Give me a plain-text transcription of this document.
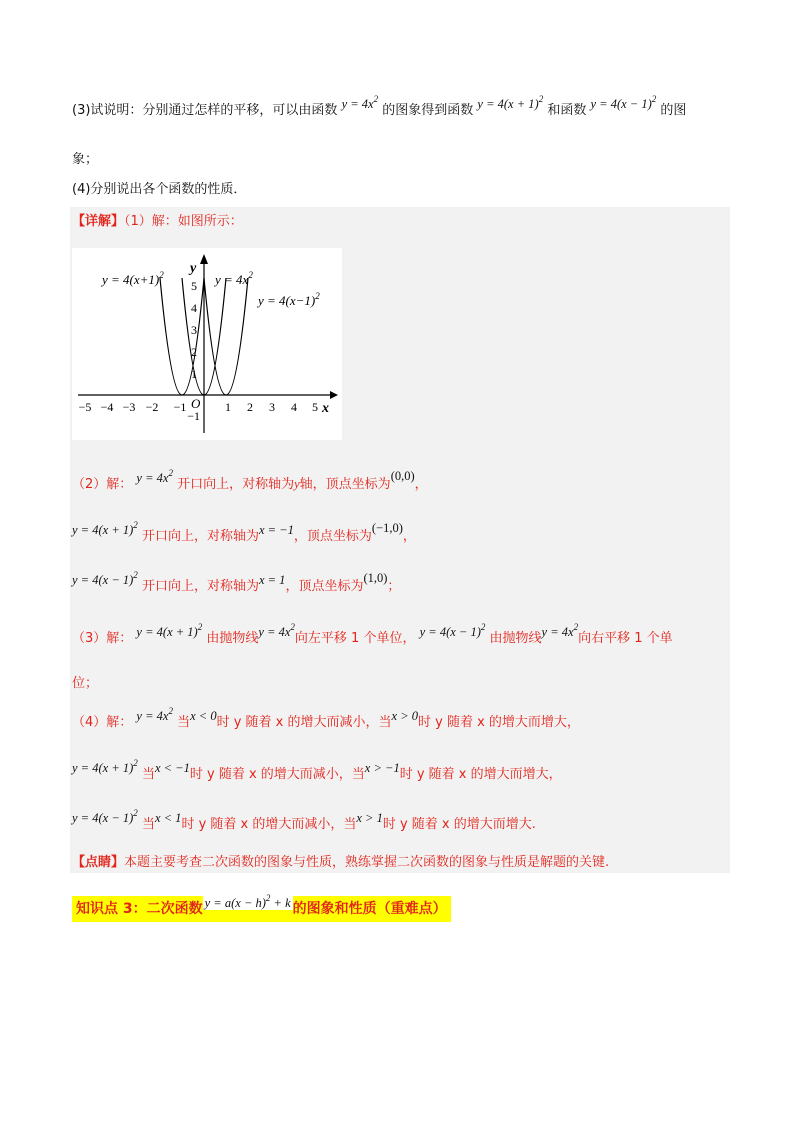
(3)试说明：分别通过怎样的平移，可以由函数 $y = 4x^2$ 的图象得到函数 $y = 4(x + 1)^2$ 和函数 $y = 4(x - 1)^2$ 的图
象；
(4)分别说出各个函数的性质．
【详解】（1）解：如图所示：
−5 −4 −3 −2 −1	1 2 3 4 5
5
4
3
2
1
−1
y
x
O
$y = 4(x+1)^2$	$y = 4x^2$
$y = 4(x-1)^2$
（2）解： $y = 4x^2$ 开口向上，对称轴为y轴，顶点坐标为(0,0)，
$y = 4(x + 1)^2$ 开口向上，对称轴为x = −1，顶点坐标为(−1,0)，
$y = 4(x - 1)^2$ 开口向上，对称轴为x = 1，顶点坐标为(1,0)；
（3）解： $y = 4(x + 1)^2$ 由抛物线$y = 4x^2$向左平移 1 个单位， $y = 4(x - 1)^2$ 由抛物线$y = 4x^2$向右平移 1 个单
位；
（4）解： $y = 4x^2$ 当x < 0时 y 随着 x 的增大而减小，当x > 0时 y 随着 x 的增大而增大，
$y = 4(x + 1)^2$ 当x < −1时 y 随着 x 的增大而减小，当x > −1时 y 随着 x 的增大而增大，
$y = 4(x - 1)^2$ 当x < 1时 y 随着 x 的增大而减小，当x > 1时 y 随着 x 的增大而增大.
【点睛】本题主要考查二次函数的图象与性质，熟练掌握二次函数的图象与性质是解题的关键.
知识点 3：二次函数 $y = a(x - h)^2 + k$ 的图象和性质（重难点）
